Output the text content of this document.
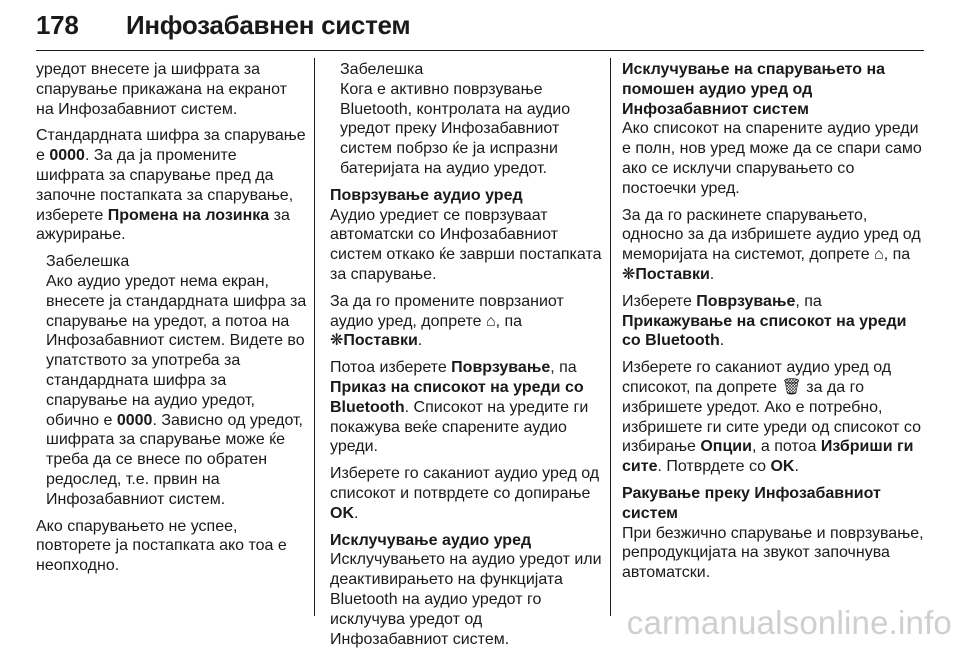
178 Инфозабавнен систем

уредот внесете ја шифрата за спарување прикажана на екранот на Инфозабавниот систем.

Стандардната шифра за спарување е 0000. За да ја промените шифрата за спарување пред да започне постапката за спарување, изберете Промена на лозинка за ажурирање.

Забелешка

Ако аудио уредот нема екран, внесете ја стандардната шифра за спарување на уредот, а потоа на Инфозабавниот систем. Видете во упатството за употреба за стандардната шифра за спарување на аудио уредот, обично е 0000. Зависно од уредот, шифрата за спарување може ќе треба да се внесе по обратен редослед, т.е. првин на Инфозабавниот систем.

Ако спарувањето не успее, повторете ја постапката ако тоа е неопходно.

Забелешка

Кога е активно поврзување Bluetooth, контролата на аудио уредот преку Инфозабавниот систем побрзо ќе ја испразни батеријата на аудио уредот.

Поврзување аудио уред

Аудио уредиет се поврзуваат автоматски со Инфозабавниот систем откако ќе заврши постапката за спарување.

За да го промените поврзаниот аудио уред, допрете ⌂, па
❋Поставки.

Потоа изберете Поврзување, па Приказ на списокот на уреди со Bluetooth. Списокот на уредите ги покажува веќе спарените аудио уреди.

Изберете го саканиот аудио уред од списокот и потврдете со допирање OK.

Исклучување аудио уред

Исклучувањето на аудио уредот или деактивирањето на функцијата Bluetooth на аудио уредот го исклучува уредот од Инфозабавниот систем.

Исклучување на спарувањето на помошен аудио уред од Инфозабавниот систем

Ако списокот на спарените аудио уреди е полн, нов уред може да се спари само ако се исклучи спарувањето со постоечки уред.

За да го раскинете спарувањето, односно за да избришете аудио уред од меморијата на системот, допрете ⌂, па ❋Поставки.

Изберете Поврзување, па Прикажување на списокот на уреди со Bluetooth.

Изберете го саканиот аудио уред од списокот, па допрете 🗑 за да го избришете уредот. Ако е потребно, избришете ги сите уреди од списокот со избирање Опции, а потоа Избриши ги сите. Потврдете со OK.

Ракување преку Инфозабавниот систем

При безжично спарување и поврзување, репродукцијата на звукот започнува автоматски.

carmanualsonline.info
